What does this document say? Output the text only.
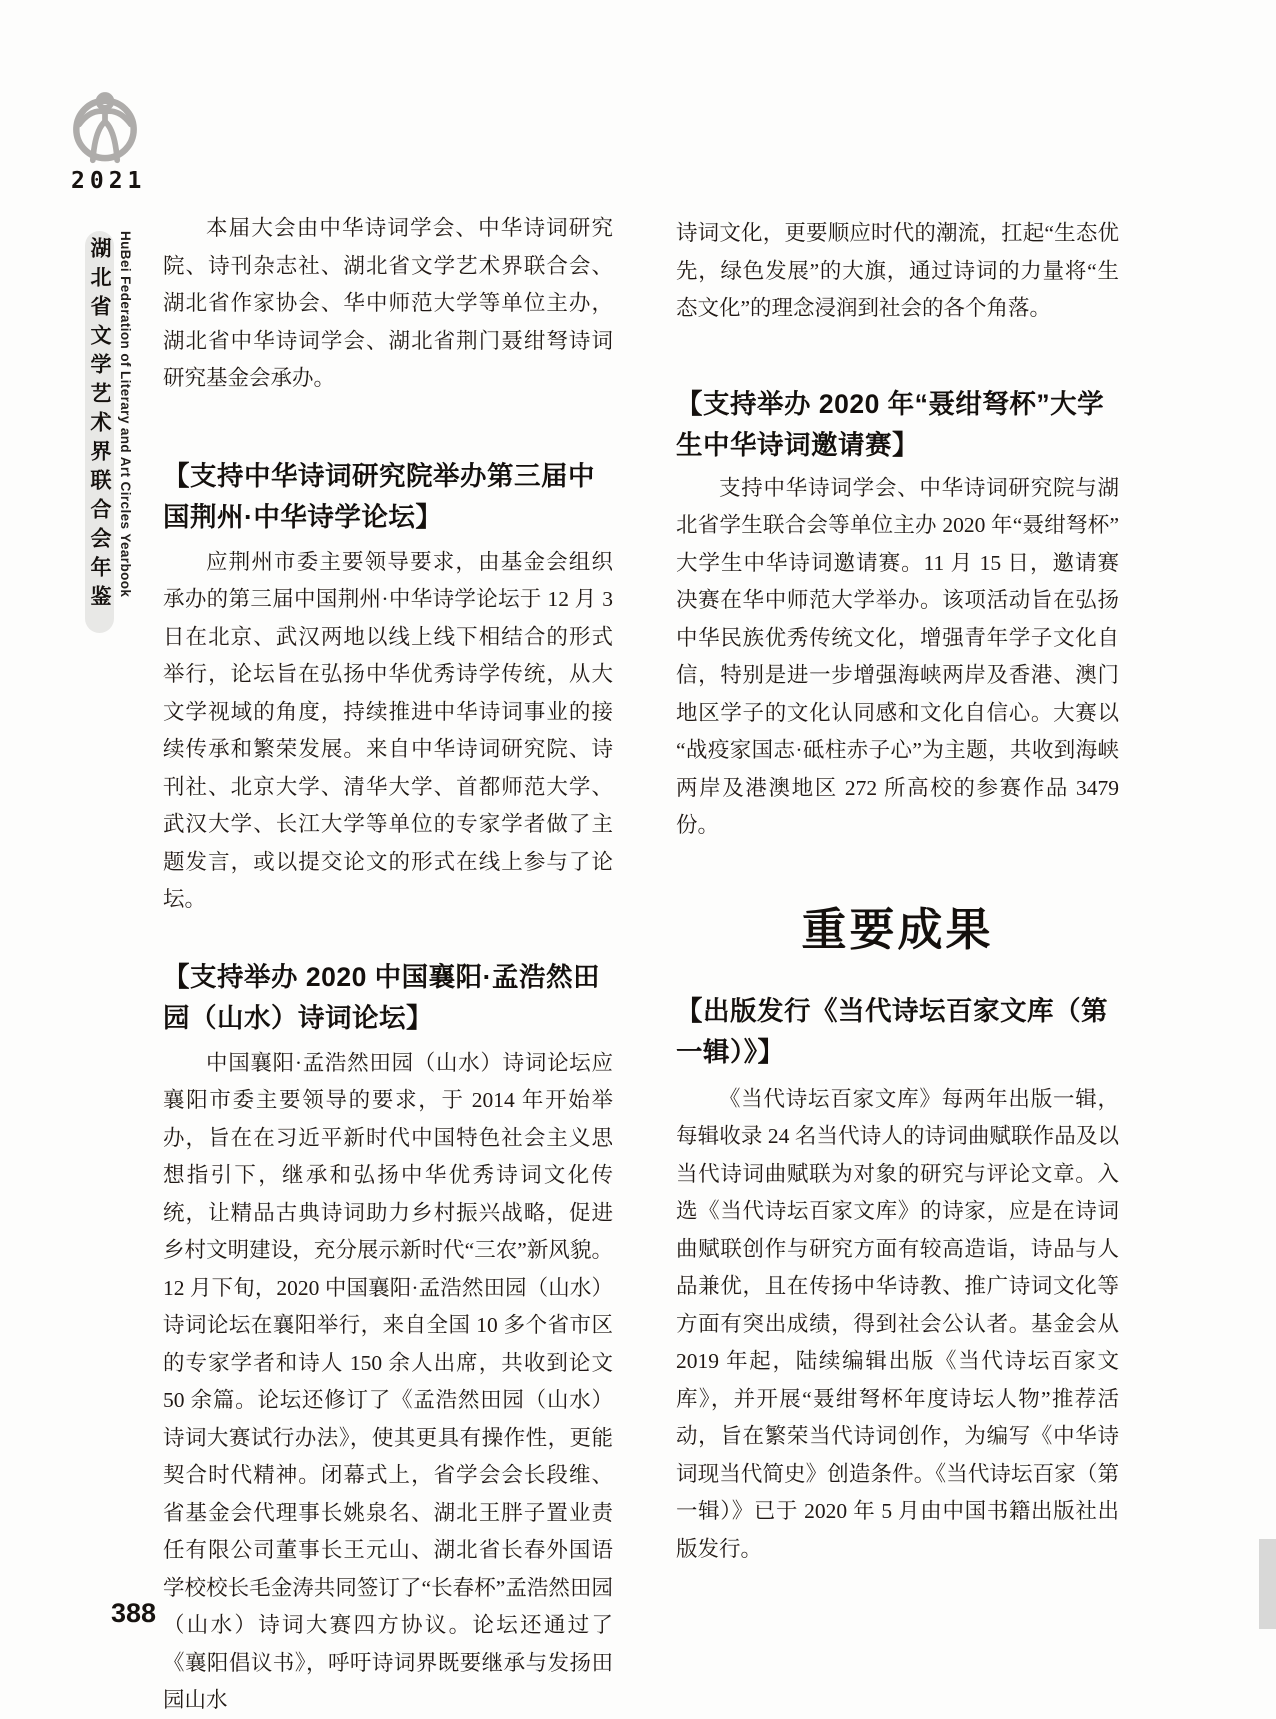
2021
湖北省文学艺术界联合会年鉴 HuBei Federation of Literary and Art Circles Yearbook

本届大会由中华诗词学会、中华诗词研究院、诗刊杂志社、湖北省文学艺术界联合会、湖北省作家协会、华中师范大学等单位主办，湖北省中华诗词学会、湖北省荆门聂绀弩诗词研究基金会承办。

【支持中华诗词研究院举办第三届中国荆州·中华诗学论坛】

应荆州市委主要领导要求，由基金会组织承办的第三届中国荆州·中华诗学论坛于 12 月 3 日在北京、武汉两地以线上线下相结合的形式举行，论坛旨在弘扬中华优秀诗学传统，从大文学视域的角度，持续推进中华诗词事业的接续传承和繁荣发展。来自中华诗词研究院、诗刊社、北京大学、清华大学、首都师范大学、武汉大学、长江大学等单位的专家学者做了主题发言，或以提交论文的形式在线上参与了论坛。

【支持举办 2020 中国襄阳·孟浩然田园（山水）诗词论坛】

中国襄阳·孟浩然田园（山水）诗词论坛应襄阳市委主要领导的要求，于 2014 年开始举办，旨在在习近平新时代中国特色社会主义思想指引下，继承和弘扬中华优秀诗词文化传统，让精品古典诗词助力乡村振兴战略，促进乡村文明建设，充分展示新时代“三农”新风貌。12 月下旬，2020 中国襄阳·孟浩然田园（山水）诗词论坛在襄阳举行，来自全国 10 多个省市区的专家学者和诗人 150 余人出席，共收到论文 50 余篇。论坛还修订了《孟浩然田园（山水）诗词大赛试行办法》，使其更具有操作性，更能契合时代精神。闭幕式上，省学会会长段维、省基金会代理事长姚泉名、湖北王胖子置业责任有限公司董事长王元山、湖北省长春外国语学校校长毛金涛共同签订了“长春杯”孟浩然田园（山水）诗词大赛四方协议。论坛还通过了《襄阳倡议书》，呼吁诗词界既要继承与发扬田园山水

诗词文化，更要顺应时代的潮流，扛起“生态优先，绿色发展”的大旗，通过诗词的力量将“生态文化”的理念浸润到社会的各个角落。

【支持举办 2020 年“聂绀弩杯”大学生中华诗词邀请赛】

支持中华诗词学会、中华诗词研究院与湖北省学生联合会等单位主办 2020 年“聂绀弩杯”大学生中华诗词邀请赛。11 月 15 日，邀请赛决赛在华中师范大学举办。该项活动旨在弘扬中华民族优秀传统文化，增强青年学子文化自信，特别是进一步增强海峡两岸及香港、澳门地区学子的文化认同感和文化自信心。大赛以“战疫家国志·砥柱赤子心”为主题，共收到海峡两岸及港澳地区 272 所高校的参赛作品 3479 份。

重要成果
【出版发行《当代诗坛百家文库（第一辑）》】

《当代诗坛百家文库》每两年出版一辑，每辑收录 24 名当代诗人的诗词曲赋联作品及以当代诗词曲赋联为对象的研究与评论文章。入选《当代诗坛百家文库》的诗家，应是在诗词曲赋联创作与研究方面有较高造诣，诗品与人品兼优，且在传扬中华诗教、推广诗词文化等方面有突出成绩，得到社会公认者。基金会从 2019 年起，陆续编辑出版《当代诗坛百家文库》，并开展“聂绀弩杯年度诗坛人物”推荐活动，旨在繁荣当代诗词创作，为编写《中华诗词现当代简史》创造条件。《当代诗坛百家（第一辑）》已于 2020 年 5 月由中国书籍出版社出版发行。

388
